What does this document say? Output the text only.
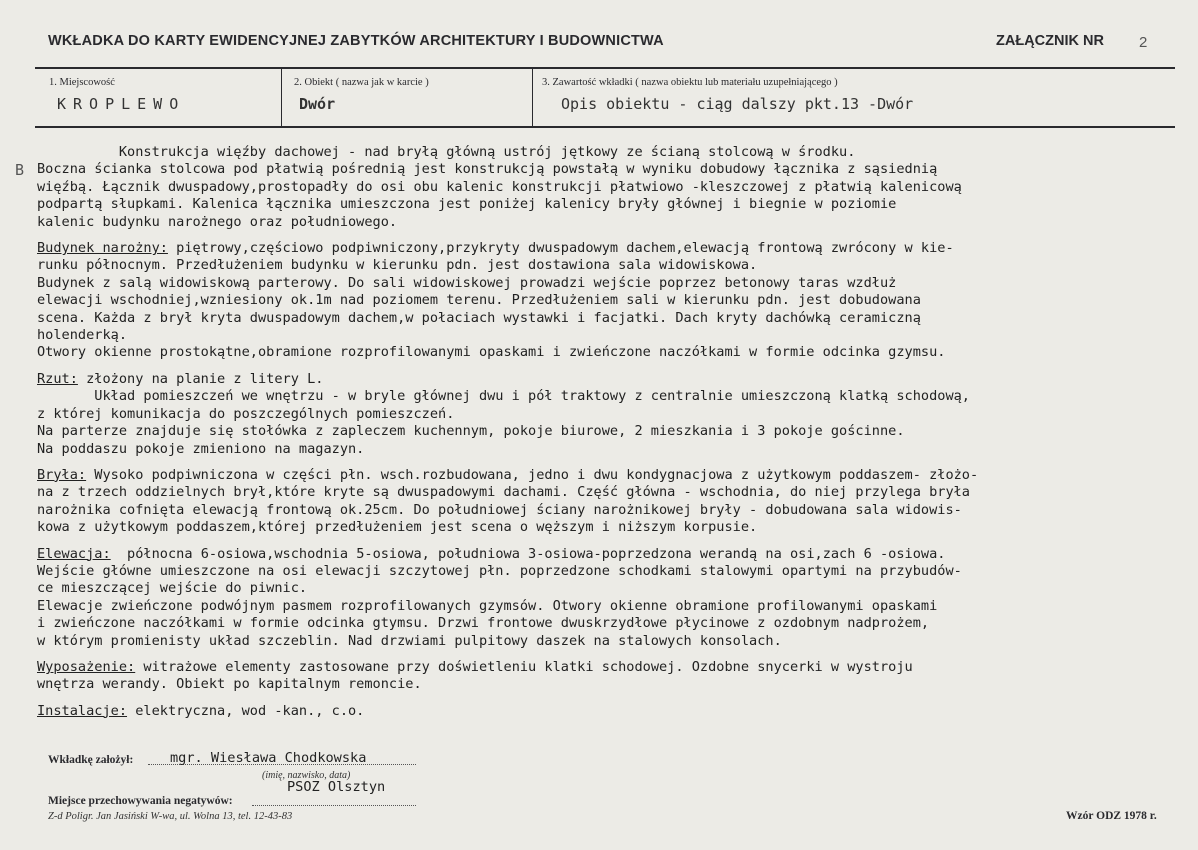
WKŁADKA DO KARTY EWIDENCYJNEJ ZABYTKÓW ARCHITEKTURY I BUDOWNICTWA	ZAŁĄCZNIK NR 2
1. Miejscowość
KROPLEWO
2. Obiekt ( nazwa jak w karcie )
Dwór
3. Zawartość wkładki ( nazwa obiektu lub materiału uzupełniającego )
Opis obiektu - ciąg dalszy pkt.13 -Dwór
B
Konstrukcja więźby dachowej - nad bryłą główną ustrój jętkowy ze ścianą stolcową w środku.
Boczna ścianka stolcowa pod płatwią pośrednią jest konstrukcją powstałą w wyniku dobudowy łącznika z sąsiednią
więźbą. Łącznik dwuspadowy,prostopadły do osi obu kalenic konstrukcji płatwiowo -kleszczowej z płatwią kalenicową
podpartą słupkami. Kalenica łącznika umieszczona jest poniżej kalenicy bryły głównej i biegnie w poziomie
kalenic budynku narożnego oraz południowego.

Budynek narożny: piętrowy,częściowo podpiwniczony,przykryty dwuspadowym dachem,elewacją frontową zwrócony w kie-
runku północnym. Przedłużeniem budynku w kierunku pdn. jest dostawiona sala widowiskowa.
Budynek z salą widowiskową parterowy. Do sali widowiskowej prowadzi wejście poprzez betonowy taras wzdłuż
elewacji wschodniej,wzniesiony ok.1m nad poziomem terenu. Przedłużeniem sali w kierunku pdn. jest dobudowana
scena. Każda z brył kryta dwuspadowym dachem,w połaciach wystawki i facjatki. Dach kryty dachówką ceramiczną
holenderką.
Otwory okienne prostokątne,obramione rozprofilowanymi opaskami i zwieńczone naczółkami w formie odcinka gzymsu.

Rzut: złożony na planie z litery L.
Układ pomieszczeń we wnętrzu - w bryle głównej dwu i pół traktowy z centralnie umieszczoną klatką schodową,
z której komunikacja do poszczególnych pomieszczeń.
Na parterze znajduje się stołówka z zapleczem kuchennym, pokoje biurowe, 2 mieszkania i 3 pokoje gościnne.
Na poddaszu pokoje zmieniono na magazyn.

Bryła: Wysoko podpiwniczona w części płn. wsch.rozbudowana, jedno i dwu kondygnacjowa z użytkowym poddaszem- złożo-
na z trzech oddzielnych brył,które kryte są dwuspadowymi dachami. Część główna - wschodnia, do niej przylega bryła
narożnika cofnięta elewacją frontową ok.25cm. Do południowej ściany narożnikowej bryły - dobudowana sala widowis-
kowa z użytkowym poddaszem,której przedłużeniem jest scena o węższym i niższym korpusie.

Elewacja:  północna 6-osiowa,wschodnia 5-osiowa, południowa 3-osiowa-poprzedzona werandą na osi,zach 6 -osiowa.
Wejście główne umieszczone na osi elewacji szczytowej płn. poprzedzone schodkami stalowymi opartymi na przybudów-
ce mieszczącej wejście do piwnic.
Elewacje zwieńczone podwójnym pasmem rozprofilowanych gzymsów. Otwory okienne obramione profilowanymi opaskami
i zwieńczone naczółkami w formie odcinka gtymsu. Drzwi frontowe dwuskrzydłowe płycinowe z ozdobnym nadprożem,
w którym promienisty układ szczeblin. Nad drzwiami pulpitowy daszek na stalowych konsolach.

Wyposażenie: witrażowe elementy zastosowane przy doświetleniu klatki schodowej. Ozdobne snycerki w wystroju
wnętrza werandy. Obiekt po kapitalnym remoncie.

Instalacje: elektryczna, wod -kan., c.o.
Wkładkę założył:	mgr. Wiesława Chodkowska
(imię, nazwisko, data)
Miejsce przechowywania negatywów:
PSOZ Olsztyn
Z-d Poligr. Jan Jasiński W-wa, ul. Wolna 13, tel. 12-43-83	Wzór ODZ 1978 r.
